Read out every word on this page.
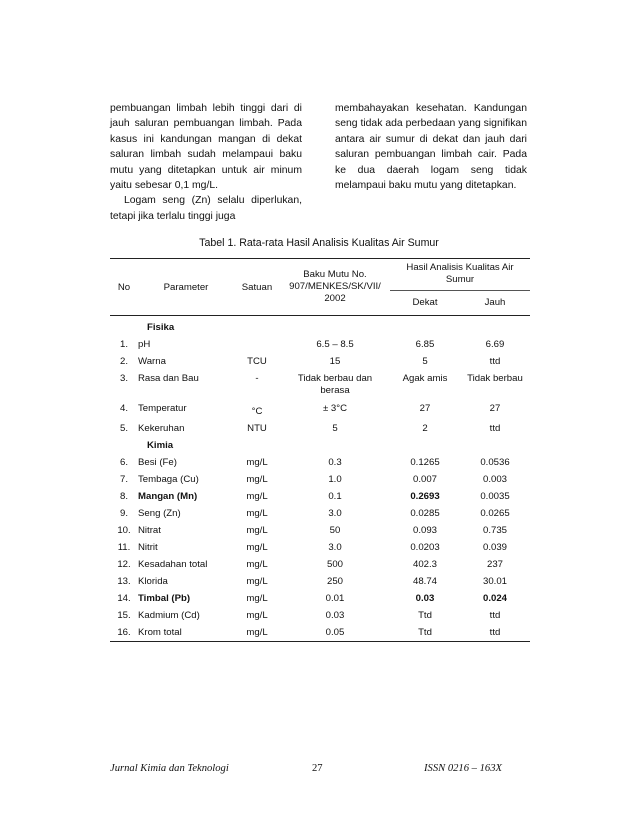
pembuangan limbah lebih tinggi dari di jauh saluran pembuangan limbah. Pada kasus ini kandungan mangan di dekat saluran limbah sudah melampaui baku mutu yang ditetapkan untuk air minum yaitu sebesar 0,1 mg/L.

Logam seng (Zn) selalu diperlukan, tetapi jika terlalu tinggi juga

membahayakan kesehatan. Kandungan seng tidak ada perbedaan yang signifikan antara air sumur di dekat dan jauh dari saluran pembuangan limbah cair. Pada ke dua daerah logam seng tidak melampaui baku mutu yang ditetapkan.

Tabel 1. Rata-rata Hasil Analisis Kualitas Air Sumur
No	Parameter	Satuan	Baku Mutu No. 907/MENKES/SK/VII/ 2002	Hasil Analisis Kualitas Air Sumur	
				Dekat	Jauh
Fisika					
1.	pH		6.5 – 8.5	6.85	6.69
2.	Warna	TCU	15	5	ttd
3.	Rasa dan Bau	-	Tidak berbau dan berasa	Agak amis	Tidak berbau
4.	Temperatur	°C	± 3°C	27	27
5.	Kekeruhan	NTU	5	2	ttd
Kimia					
6.	Besi (Fe)	mg/L	0.3	0.1265	0.0536
7.	Tembaga (Cu)	mg/L	1.0	0.007	0.003
8.	Mangan (Mn)	mg/L	0.1	0.2693	0.0035
9.	Seng (Zn)	mg/L	3.0	0.0285	0.0265
10.	Nitrat	mg/L	50	0.093	0.735
11.	Nitrit	mg/L	3.0	0.0203	0.039
12.	Kesadahan total	mg/L	500	402.3	237
13.	Klorida	mg/L	250	48.74	30.01
14.	Timbal (Pb)	mg/L	0.01	0.03	0.024
15.	Kadmium (Cd)	mg/L	0.03	Ttd	ttd
16.	Krom total	mg/L	0.05	Ttd	ttd
Jurnal Kimia dan Teknologi	27	ISSN 0216 – 163X
